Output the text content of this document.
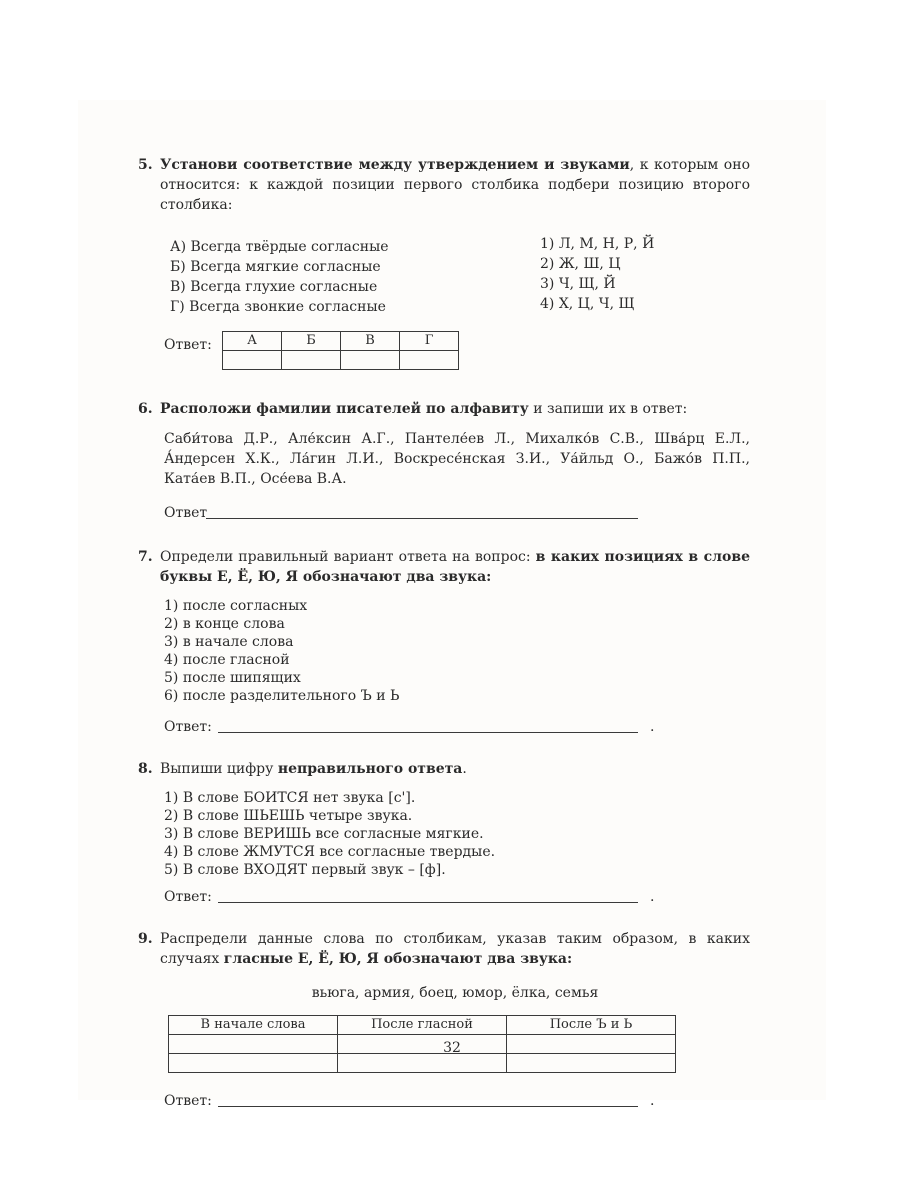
5. Установи соответствие между утверждением и звуками, к которым оно относится: к каждой позиции первого столбика подбери позицию второго столбика:

А) Всегда твёрдые согласные
Б) Всегда мягкие согласные
В) Всегда глухие согласные
Г) Всегда звонкие согласные
1) Л, М, Н, Р, Й
2) Ж, Ш, Ц
3) Ч, Щ, Й
4) Х, Ц, Ч, Щ
Ответ:	А	Б	В	Г

6. Расположи фамилии писателей по алфавиту и запиши их в ответ:

Саби́това Д.Р., Але́ксин А.Г., Пантеле́ев Л., Михалко́в С.В., Шва́рц Е.Л., А́ндерсен Х.К., Ла́гин Л.И., Воскресе́нская З.И., Уа́йльд О., Бажо́в П.П., Ката́ев В.П., Осе́ева В.А.

Ответ
7. Определи правильный вариант ответа на вопрос: в каких позициях в слове буквы Е, Ё, Ю, Я обозначают два звука:

1) после согласных
2) в конце слова
3) в начале слова
4) после гласной
5) после шипящих
6) после разделительного Ъ и Ь
Ответ:	.
8. Выпиши цифру неправильного ответа.

1) В слове БОИТСЯ нет звука [с'].
2) В слове ШЬЕШЬ четыре звука.
3) В слове ВЕРИШЬ все согласные мягкие.
4) В слове ЖМУТСЯ все согласные твердые.
5) В слове ВХОДЯТ первый звук – [ф].
Ответ:	.
9. Распредели данные слова по столбикам, указав таким образом, в каких случаях гласные Е, Ё, Ю, Я обозначают два звука:

вьюга, армия, боец, юмор, ёлка, семья
В начале слова	После гласной	После Ъ и Ь

Ответ:	.
32
